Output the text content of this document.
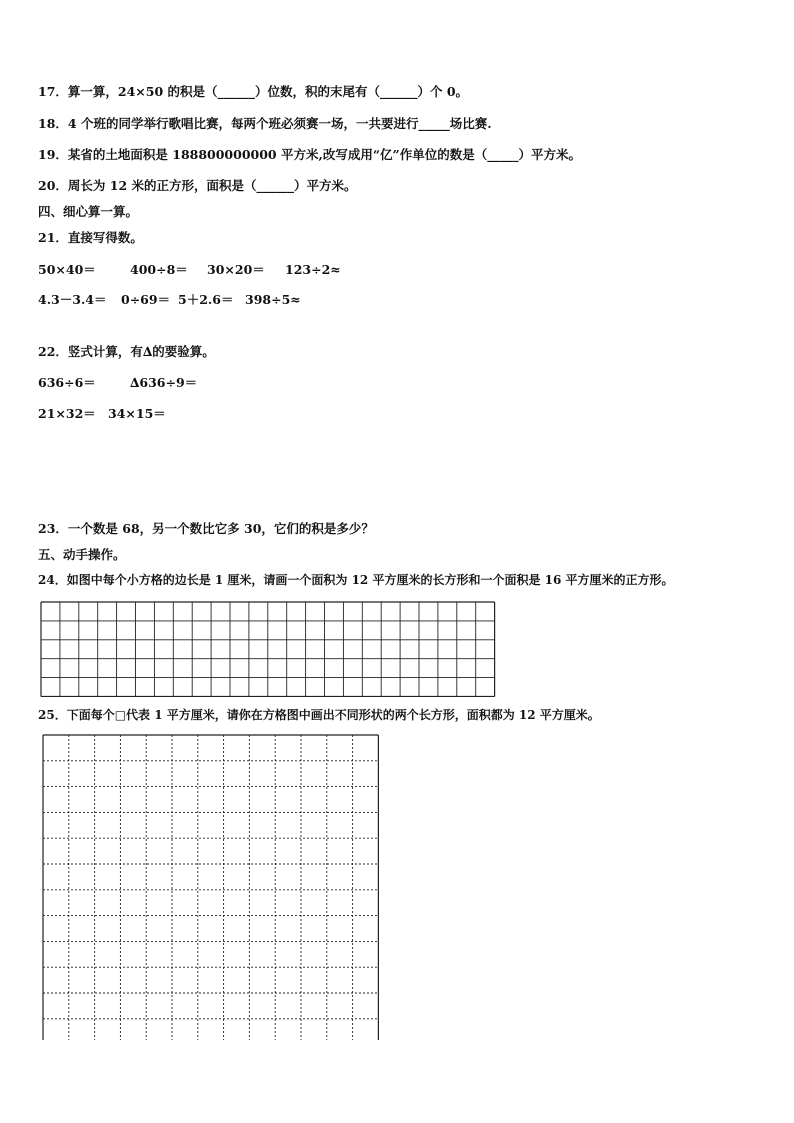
17．算一算，24×50 的积是（______）位数，积的末尾有（______）个 0。
18．4 个班的同学举行歌唱比赛，每两个班必须赛一场，一共要进行_____场比赛.
19．某省的土地面积是 188800000000 平方米,改写成用“亿”作单位的数是（_____）平方米。
20．周长为 12 米的正方形，面积是（______）平方米。
四、细心算一算。
21．直接写得数。
50×40＝	400÷8＝ 30×20＝ 123÷2≈
4.3－3.4＝ 0÷69＝ 5＋2.6＝ 398÷5≈
22．竖式计算，有∆的要验算。
636÷6＝	∆636÷9＝
21×32＝ 34×15＝
23．一个数是 68，另一个数比它多 30，它们的积是多少？
五、动手操作。
24．如图中每个小方格的边长是 1 厘米，请画一个面积为 12 平方厘米的长方形和一个面积是 16 平方厘米的正方形。
25．下面每个□代表 1 平方厘米，请你在方格图中画出不同形状的两个长方形，面积都为 12 平方厘米。
